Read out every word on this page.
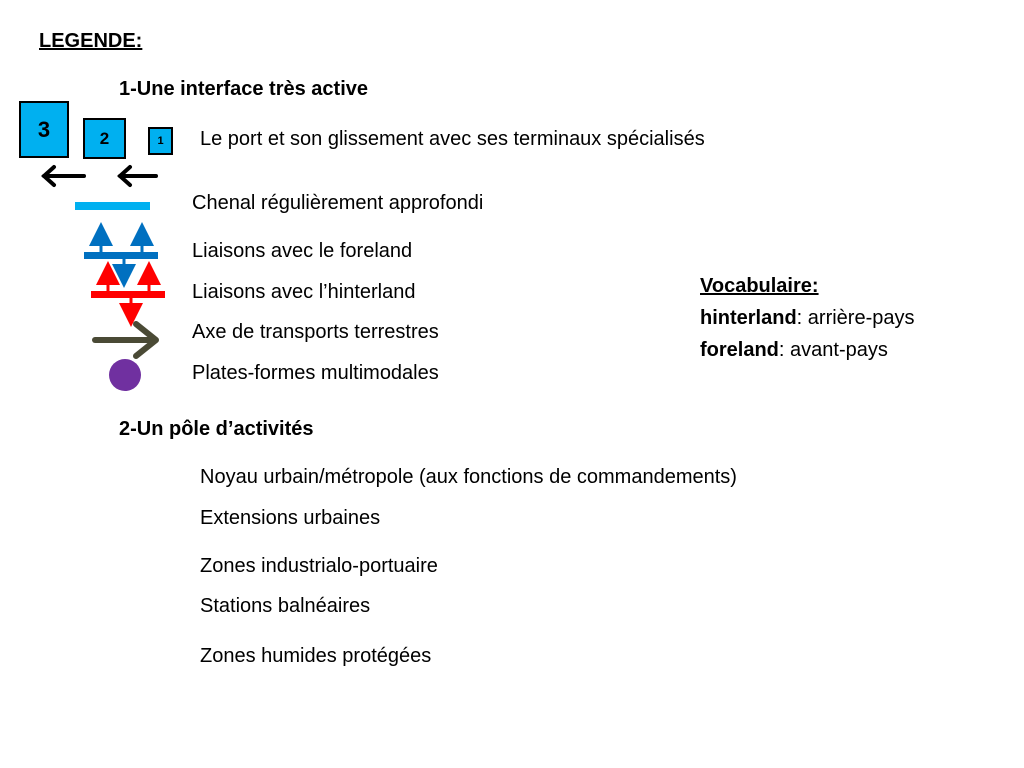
LEGENDE:
1-Une interface très active
3	2	1	Le port et son glissement avec ses terminaux spécialisés
Chenal régulièrement approfondi
Liaisons avec le foreland
Liaisons avec l’hinterland
Axe de transports terrestres
Plates-formes multimodales
Vocabulaire:
hinterland: arrière-pays
foreland: avant-pays
2-Un pôle d’activités
Noyau urbain/métropole (aux fonctions de commandements)
Extensions urbaines
Zones industrialo-portuaire
Stations balnéaires
Zones humides protégées
